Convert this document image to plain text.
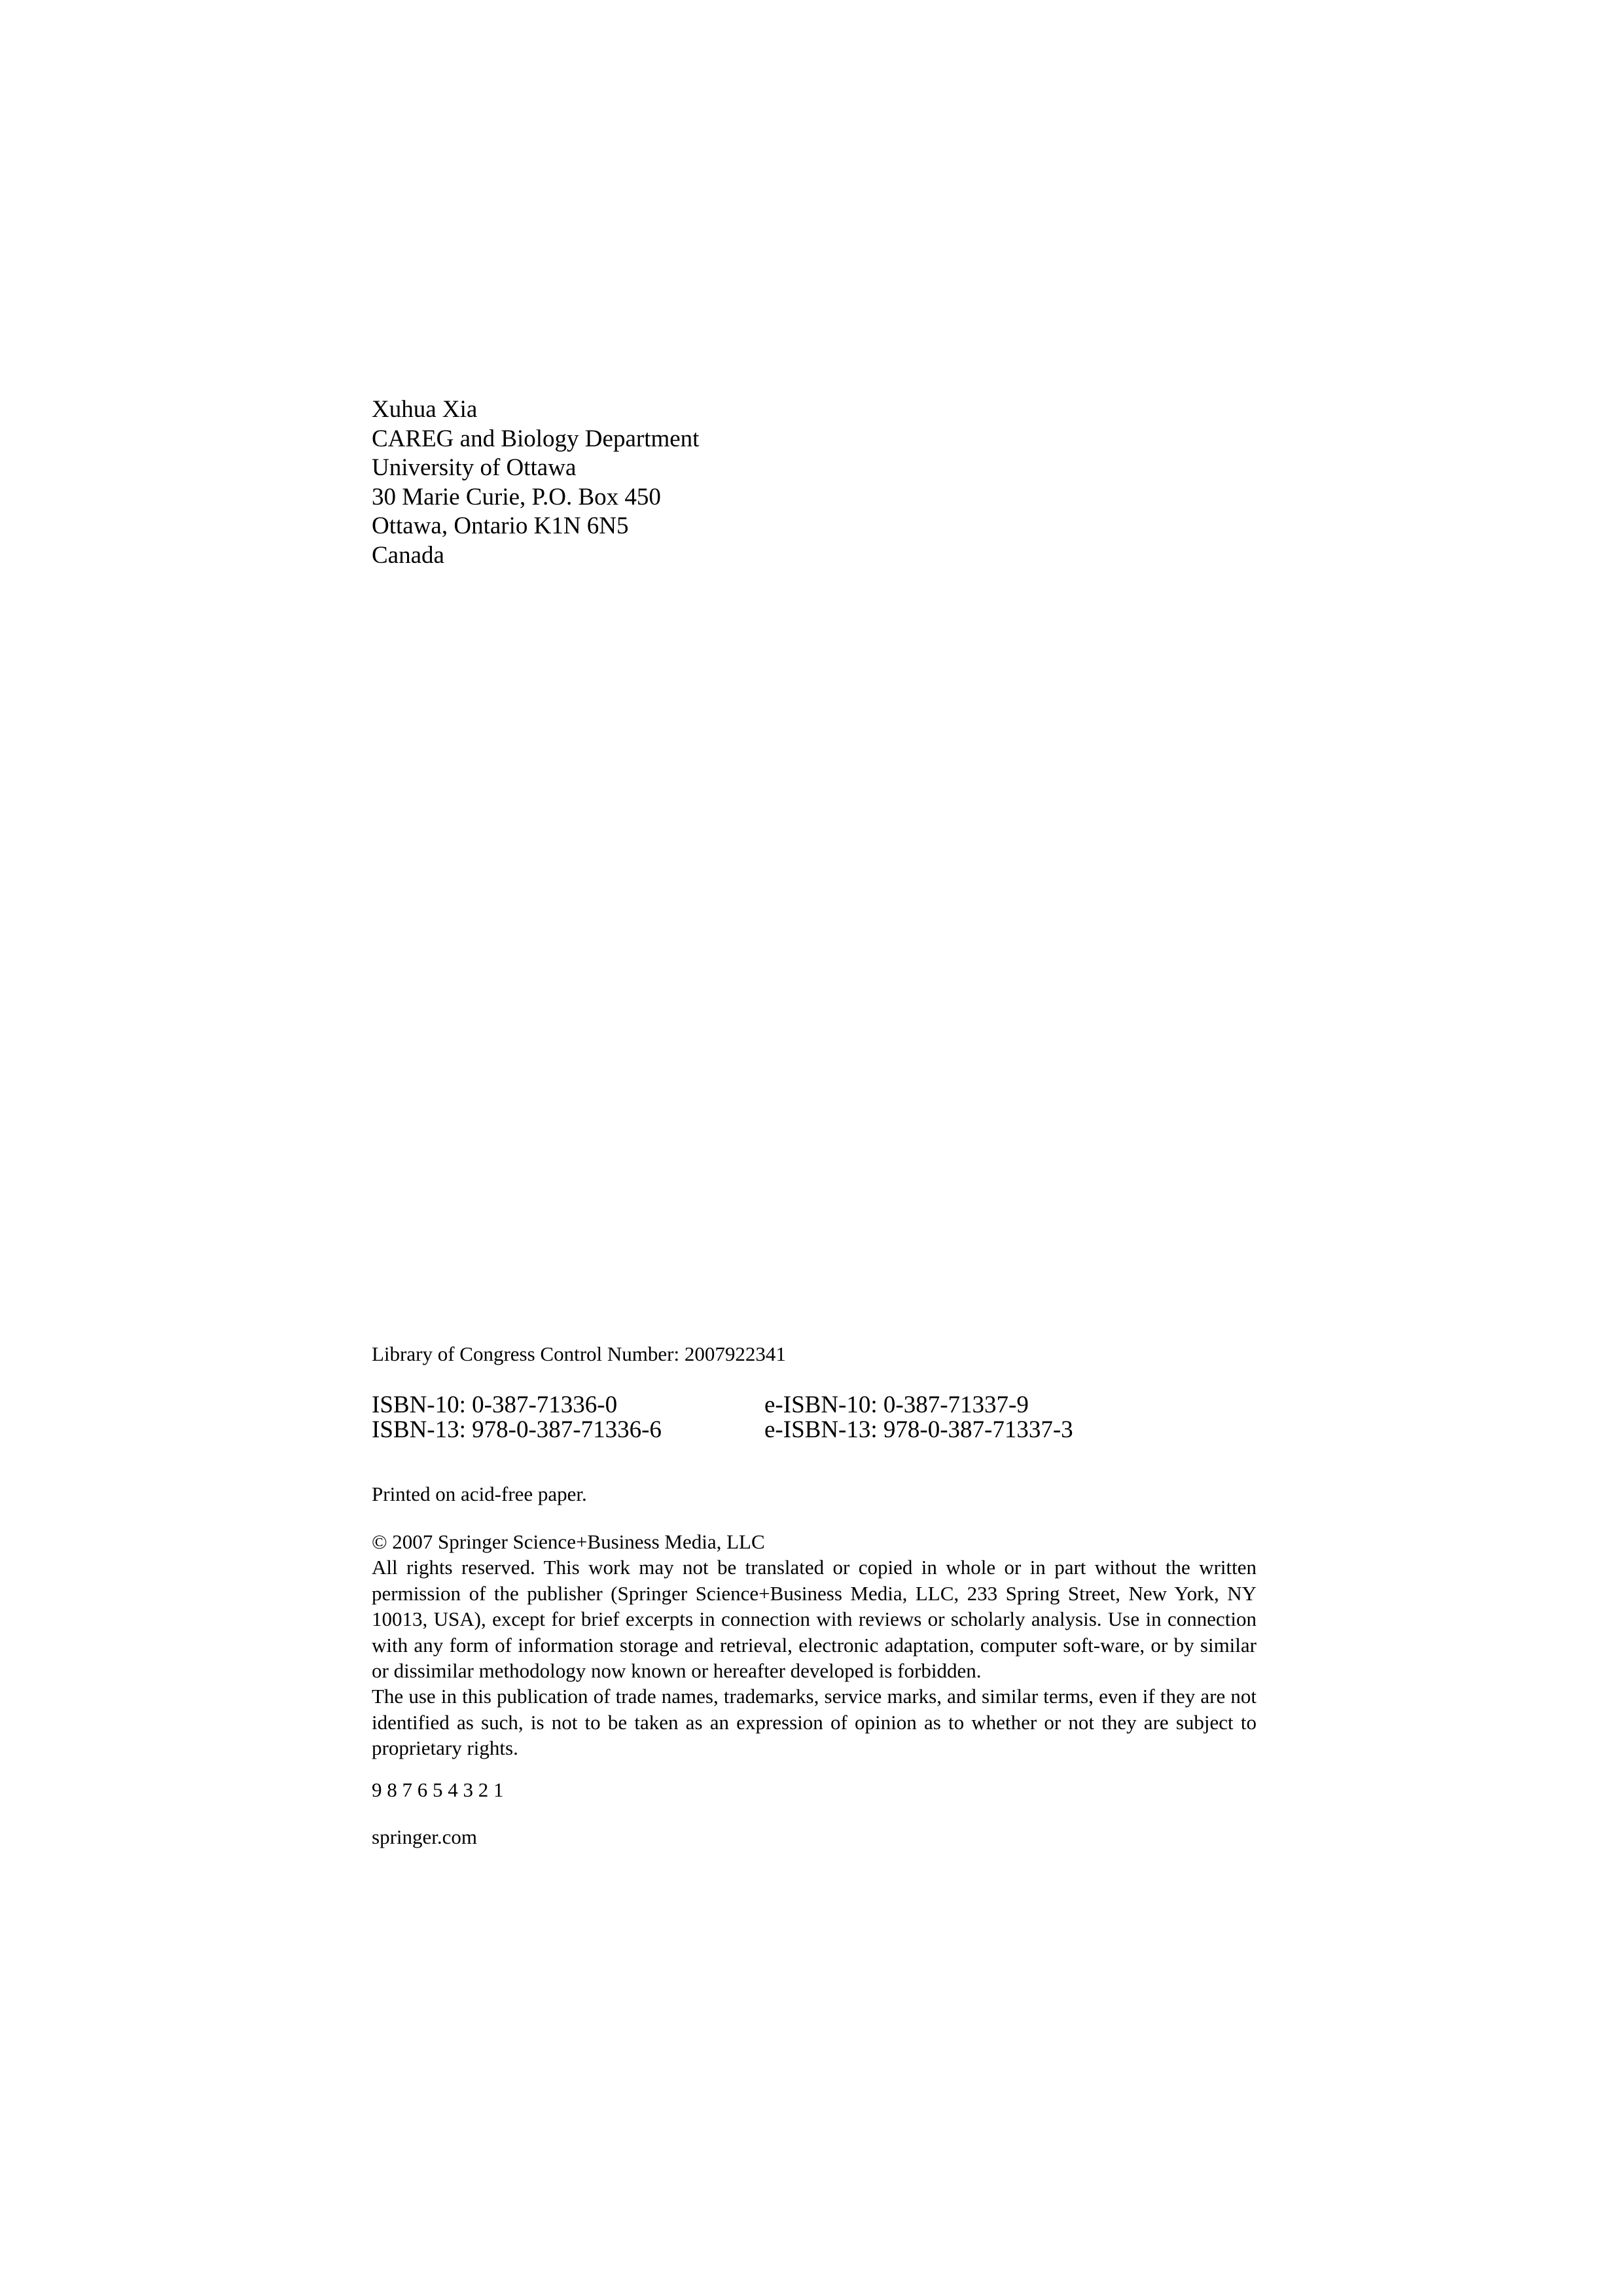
Xuhua Xia
CAREG and Biology Department
University of Ottawa
30 Marie Curie, P.O. Box 450
Ottawa, Ontario K1N 6N5
Canada
Library of Congress Control Number: 2007922341
ISBN-10: 0-387-71336-0	e-ISBN-10: 0-387-71337-9
ISBN-13: 978-0-387-71336-6	e-ISBN-13: 978-0-387-71337-3
Printed on acid-free paper.

© 2007 Springer Science+Business Media, LLC

All rights reserved. This work may not be translated or copied in whole or in part without the written permission of the publisher (Springer Science+Business Media, LLC, 233 Spring Street, New York, NY 10013, USA), except for brief excerpts in connection with reviews or scholarly analysis. Use in connection with any form of information storage and retrieval, electronic adaptation, computer soft-ware, or by similar or dissimilar methodology now known or hereafter developed is forbidden.

The use in this publication of trade names, trademarks, service marks, and similar terms, even if they are not identified as such, is not to be taken as an expression of opinion as to whether or not they are subject to proprietary rights.

9 8 7 6 5 4 3 2 1
springer.com
